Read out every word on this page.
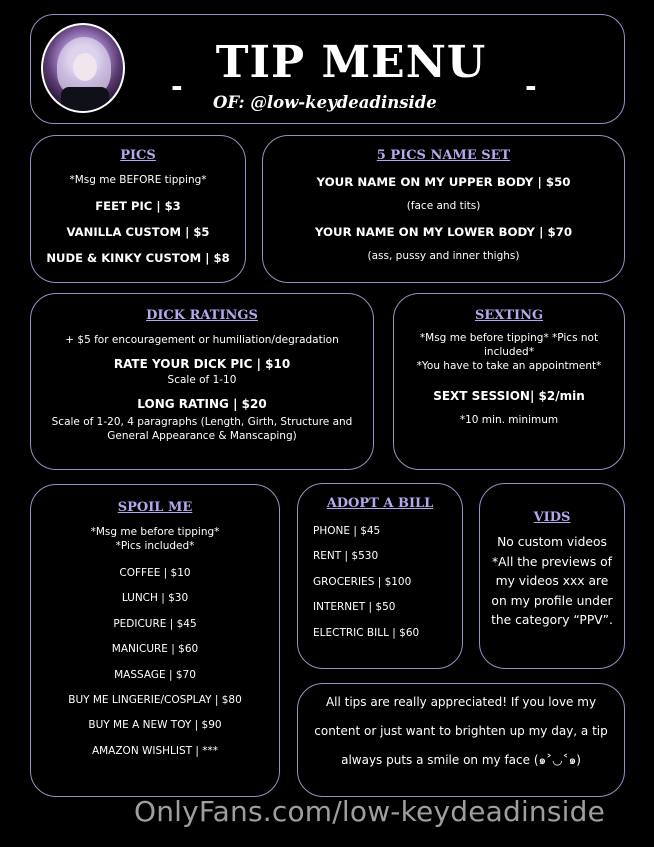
- TIP MENU -
OF: @low-keydeadinside
PICS
*Msg me BEFORE tipping*
FEET PIC | $3
VANILLA CUSTOM | $5
NUDE & KINKY CUSTOM | $8
5 PICS NAME SET
YOUR NAME ON MY UPPER BODY | $50
(face and tits)
YOUR NAME ON MY LOWER BODY | $70
(ass, pussy and inner thighs)
DICK RATINGS
+ $5 for encouragement or humiliation/degradation
RATE YOUR DICK PIC | $10
Scale of 1-10
LONG RATING | $20
Scale of 1-20, 4 paragraphs (Length, Girth, Structure and General Appearance & Manscaping)
SEXTING
*Msg me before tipping* *Pics not included*
*You have to take an appointment*
SEXT SESSION| $2/min
*10 min. minimum
SPOIL ME
*Msg me before tipping*
*Pics included*
COFFEE | $10
LUNCH | $30
PEDICURE | $45
MANICURE | $60
MASSAGE | $70
BUY ME LINGERIE/COSPLAY | $80
BUY ME A NEW TOY | $90
AMAZON WISHLIST | ***
ADOPT A BILL
PHONE | $45
RENT | $530
GROCERIES | $100
INTERNET | $50
ELECTRIC BILL | $60
VIDS
No custom videos *All the previews of my videos xxx are on my profile under the category “PPV”.
All tips are really appreciated! If you love my content or just want to brighten up my day, a tip always puts a smile on my face (๑˃◡˂๑)
OnlyFans.com/low-keydeadinside
